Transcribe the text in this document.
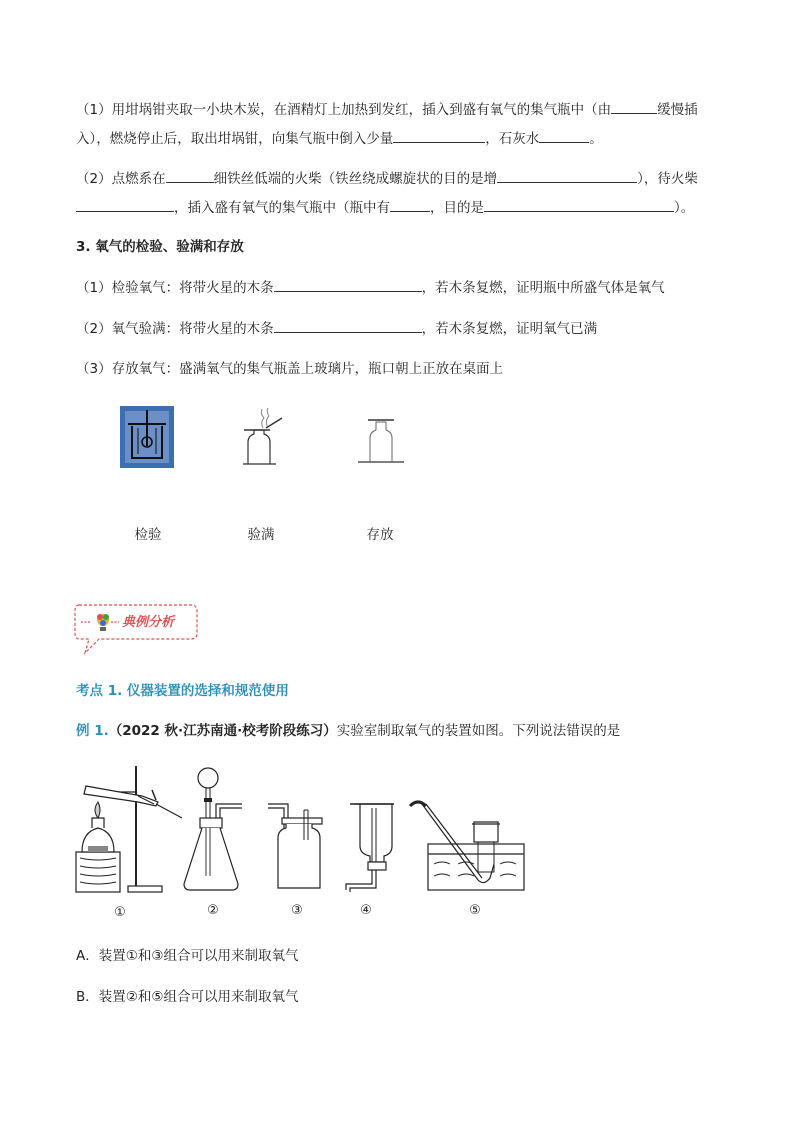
（1）用坩埚钳夹取一小块木炭，在酒精灯上加热到发红，插入到盛有氧气的集气瓶中（由	缓慢插
入），燃烧停止后，取出坩埚钳，向集气瓶中倒入少量	，石灰水	。
（2）点燃系在	细铁丝低端的火柴（铁丝绕成螺旋状的目的是增	），待火柴
，插入盛有氧气的集气瓶中（瓶中有	，目的是	）。
3. 氧气的检验、验满和存放
（1）检验氧气：将带火星的木条	，若木条复燃，证明瓶中所盛气体是氧气
（2）氧气验满：将带火星的木条	，若木条复燃，证明氧气已满
（3）存放氧气：盛满氧气的集气瓶盖上玻璃片，瓶口朝上正放在桌面上
检验	验满	存放
典例分析
考点 1. 仪器装置的选择和规范使用
例 1.（2022 秋·江苏南通·校考阶段练习）实验室制取氧气的装置如图。下列说法错误的是
①	②	③	④	⑤
A．装置①和③组合可以用来制取氧气
B．装置②和⑤组合可以用来制取氧气
